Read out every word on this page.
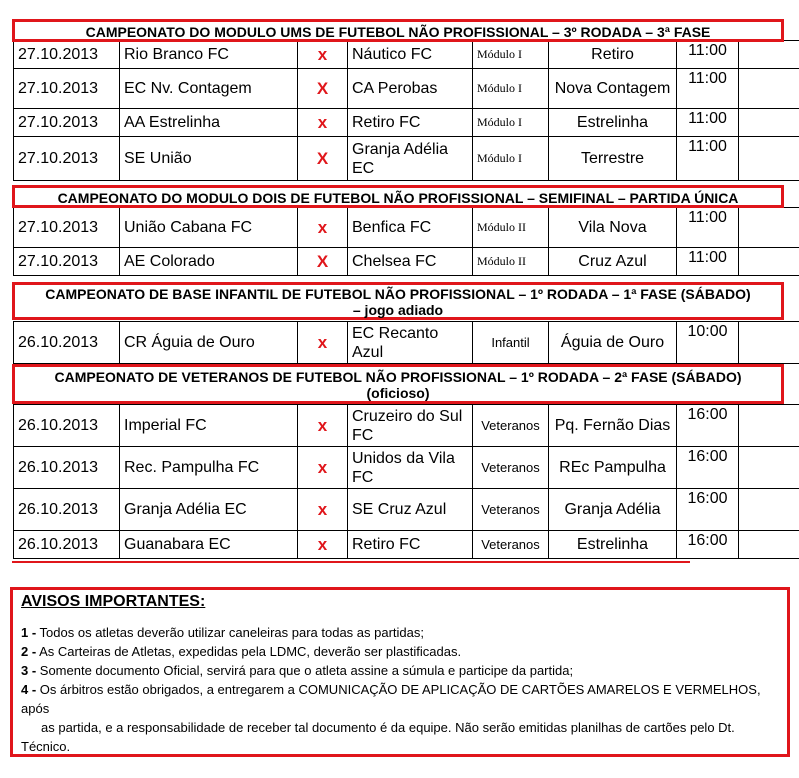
CAMPEONATO DO MODULO UMS DE FUTEBOL NÃO PROFISSIONAL – 3º RODADA – 3ª FASE
27.10.2013	Rio Branco FC	x	Náutico FC	Módulo I	Retiro	11:00	
27.10.2013	EC Nv. Contagem	X	CA Perobas	Módulo I	Nova Contagem	11:00	
27.10.2013	AA Estrelinha	x	Retiro FC	Módulo I	Estrelinha	11:00	
27.10.2013	SE União	X	Granja Adélia EC	Módulo I	Terrestre	11:00	
CAMPEONATO DO MODULO DOIS DE FUTEBOL NÃO PROFISSIONAL – SEMIFINAL – PARTIDA ÚNICA
27.10.2013	União Cabana FC	x	Benfica FC	Módulo II	Vila Nova	11:00	
27.10.2013	AE Colorado	X	Chelsea FC	Módulo II	Cruz Azul	11:00	
CAMPEONATO DE BASE INFANTIL DE FUTEBOL NÃO PROFISSIONAL – 1º RODADA – 1ª FASE (SÁBADO)
– jogo adiado
26.10.2013	CR Águia de Ouro	x	EC Recanto Azul	Infantil	Águia de Ouro	10:00	
CAMPEONATO DE VETERANOS DE FUTEBOL NÃO PROFISSIONAL – 1º RODADA – 2ª FASE (SÁBADO)
(oficioso)
26.10.2013	Imperial FC	x	Cruzeiro do Sul FC	Veteranos	Pq. Fernão Dias	16:00	
26.10.2013	Rec. Pampulha FC	x	Unidos da Vila FC	Veteranos	REc Pampulha	16:00	
26.10.2013	Granja Adélia EC	x	SE Cruz Azul	Veteranos	Granja Adélia	16:00	
26.10.2013	Guanabara EC	x	Retiro FC	Veteranos	Estrelinha	16:00	
AVISOS IMPORTANTES:

1 - Todos os atletas deverão utilizar caneleiras para todas as partidas;

2 - As Carteiras de Atletas, expedidas pela LDMC, deverão ser plastificadas.

3 - Somente documento Oficial, servirá para que o atleta assine a súmula e participe da partida;

4 - Os árbitros estão obrigados, a entregarem a COMUNICAÇÃO DE APLICAÇÃO DE CARTÕES AMARELOS E VERMELHOS, após

as partida, e a responsabilidade de receber tal documento é da equipe. Não serão emitidas planilhas de cartões pelo Dt. Técnico.
